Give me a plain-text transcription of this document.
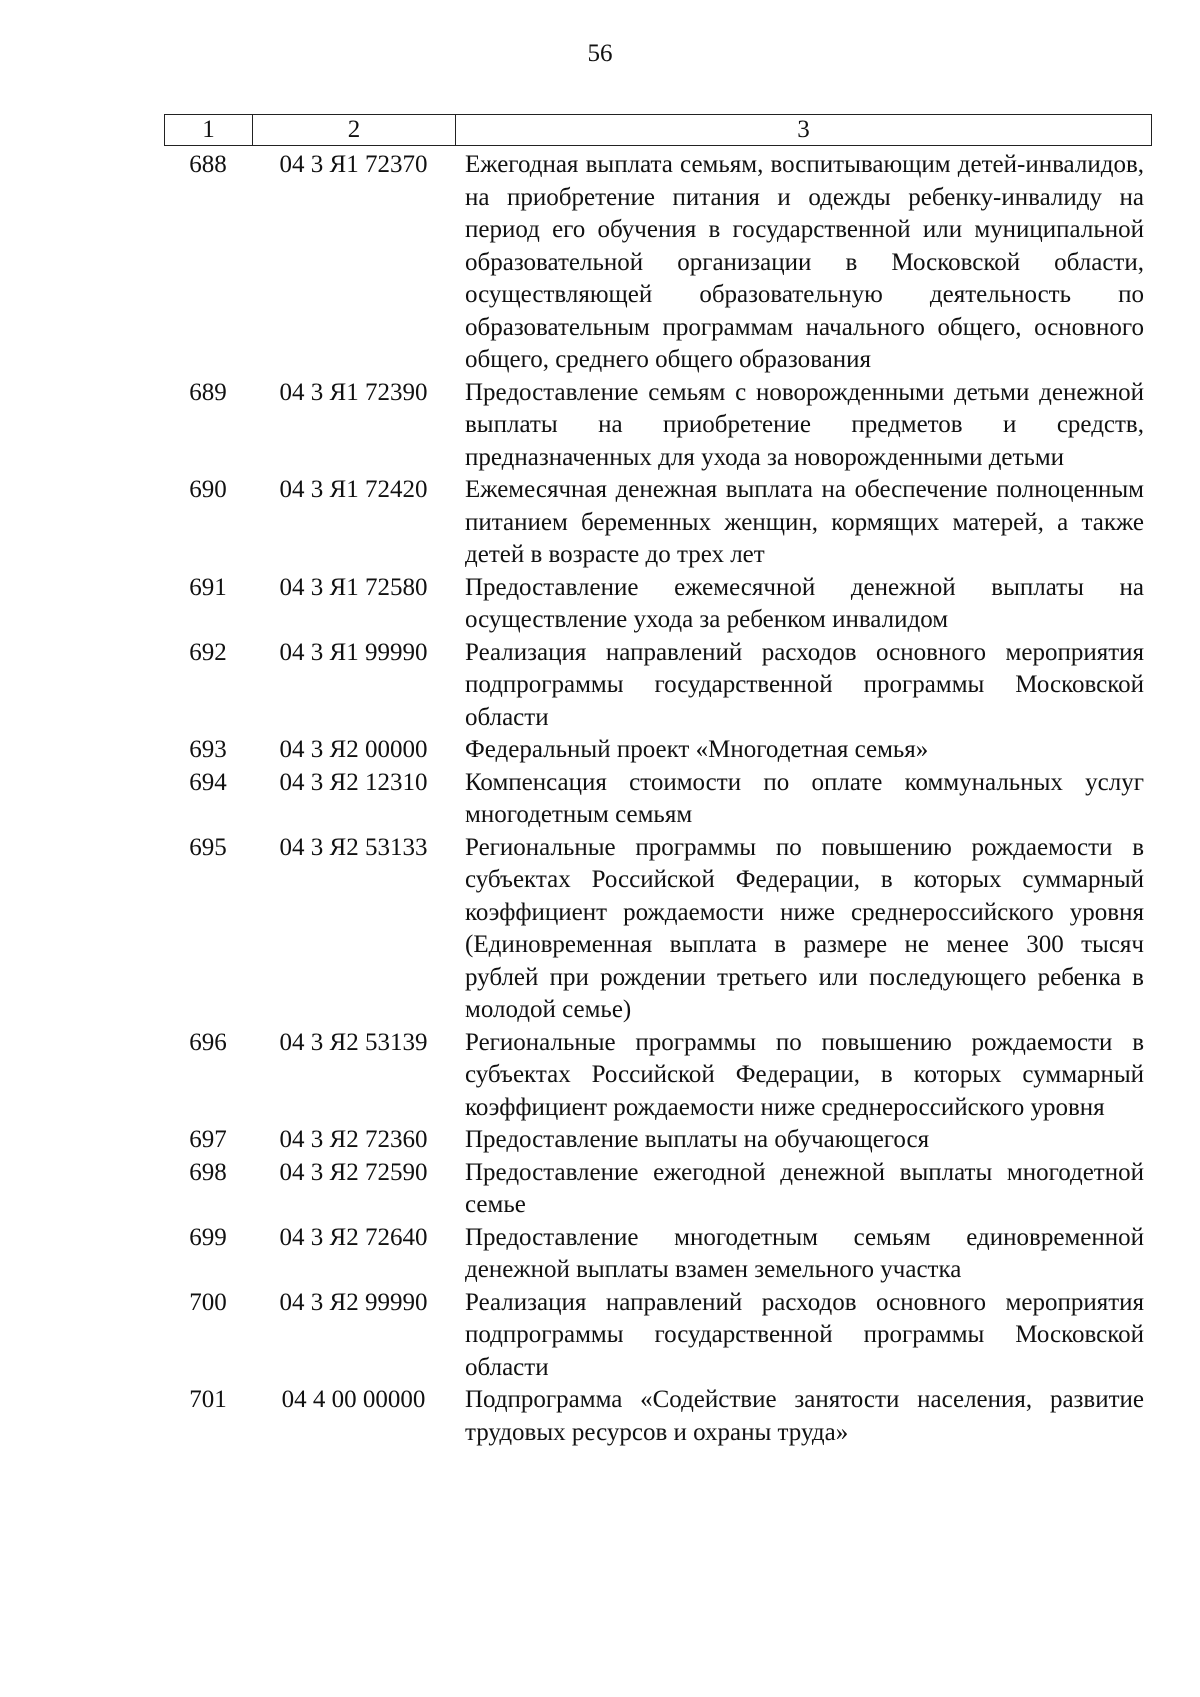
56
1	2	3
688	04 3 Я1 72370	Ежегодная выплата семьям, воспитывающим детей-инвалидов, на приобретение питания и одежды ребенку-инвалиду на период его обучения в государственной или муниципальной образовательной организации в Московской области, осуществляющей образовательную деятельность по образовательным программам начального общего, основного общего, среднего общего образования
689	04 3 Я1 72390	Предоставление семьям с новорожденными детьми денежной выплаты на приобретение предметов и средств, предназначенных для ухода за новорожденными детьми
690	04 3 Я1 72420	Ежемесячная денежная выплата на обеспечение полноценным питанием беременных женщин, кормящих матерей, а также детей в возрасте до трех лет
691	04 3 Я1 72580	Предоставление ежемесячной денежной выплаты на осуществление ухода за ребенком инвалидом
692	04 3 Я1 99990	Реализация направлений расходов основного мероприятия подпрограммы государственной программы Московской области
693	04 3 Я2 00000	Федеральный проект «Многодетная семья»
694	04 3 Я2 12310	Компенсация стоимости по оплате коммунальных услуг многодетным семьям
695	04 3 Я2 53133	Региональные программы по повышению рождаемости в субъектах Российской Федерации, в которых суммарный коэффициент рождаемости ниже среднероссийского уровня (Единовременная выплата в размере не менее 300 тысяч рублей при рождении третьего или последующего ребенка в молодой семье)
696	04 3 Я2 53139	Региональные программы по повышению рождаемости в субъектах Российской Федерации, в которых суммарный коэффициент рождаемости ниже среднероссийского уровня
697	04 3 Я2 72360	Предоставление выплаты на обучающегося
698	04 3 Я2 72590	Предоставление ежегодной денежной выплаты многодетной семье
699	04 3 Я2 72640	Предоставление многодетным семьям единовременной денежной выплаты взамен земельного участка
700	04 3 Я2 99990	Реализация направлений расходов основного мероприятия подпрограммы государственной программы Московской области
701	04 4 00 00000	Подпрограмма «Содействие занятости населения, развитие трудовых ресурсов и охраны труда»
